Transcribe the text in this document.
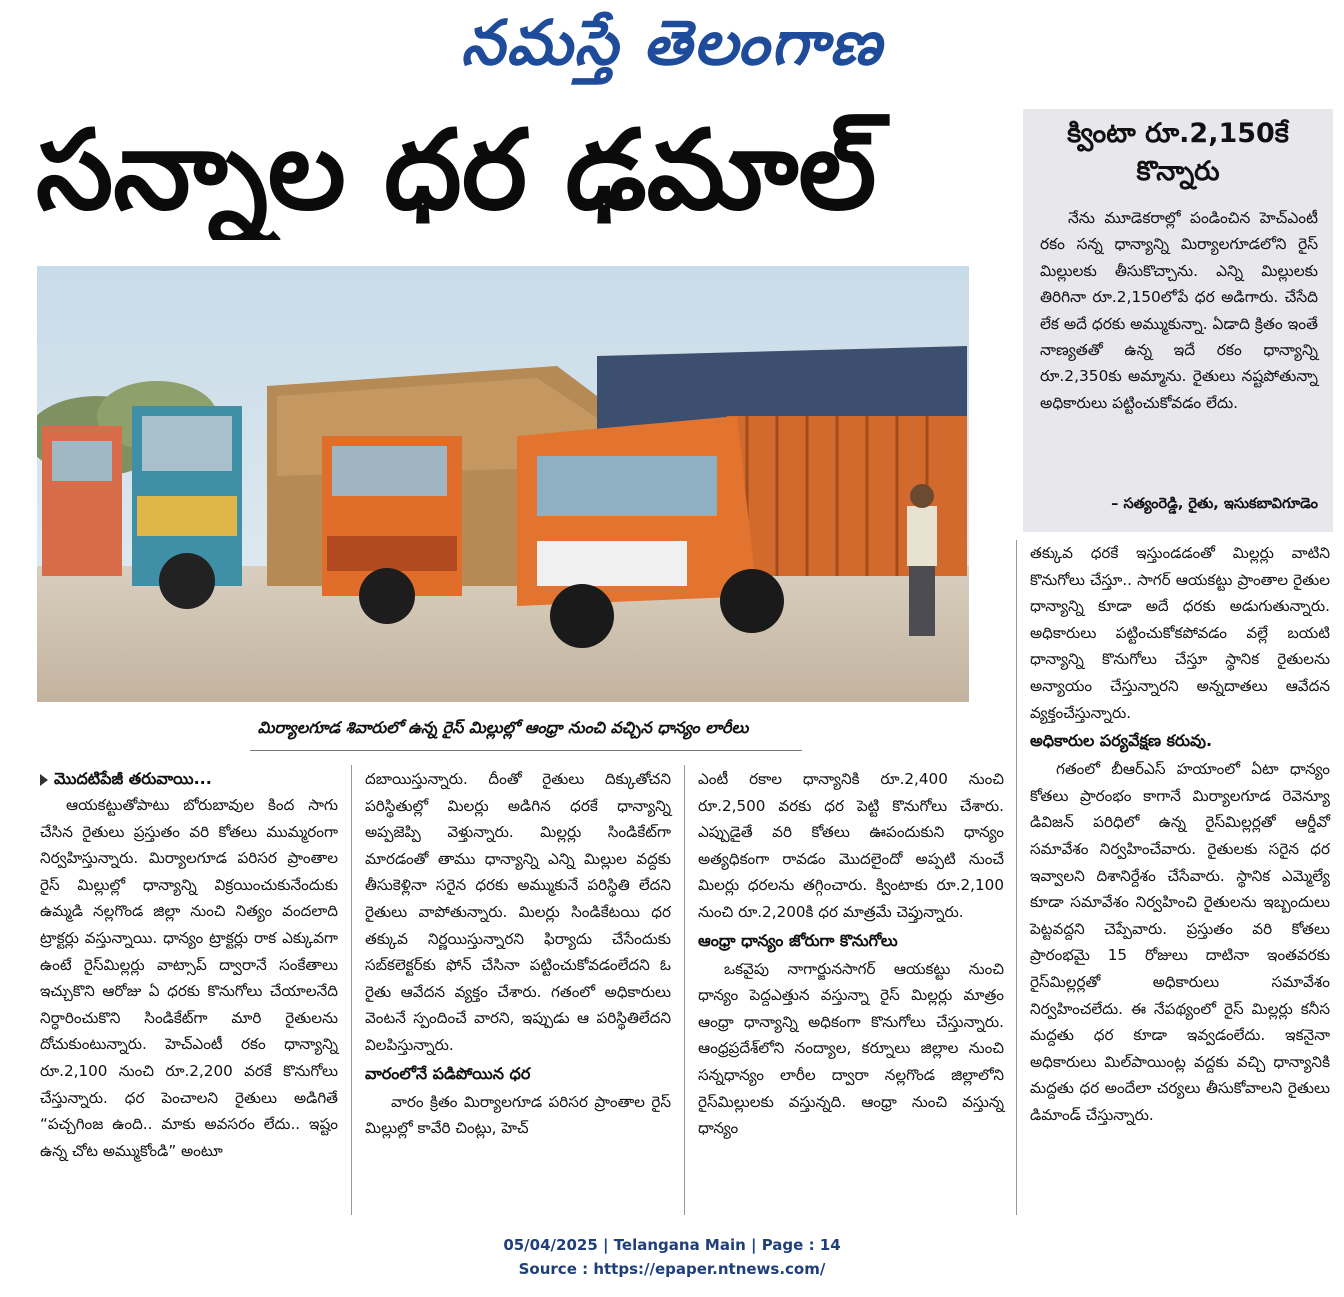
నమస్తే తెలంగాణ
సన్నాల ధర ఢమాల్
మిర్యాలగూడ శివారులో ఉన్న రైస్ మిల్లుల్లో ఆంధ్రా నుంచి వచ్చిన ధాన్యం లారీలు
క్వింటా రూ.2,150కే కొన్నారు

నేను మూడెకరాల్లో పండించిన హెచ్ఎంటీ రకం సన్న ధాన్యాన్ని మిర్యాలగూడలోని రైస్ మిల్లులకు తీసుకొచ్చాను. ఎన్ని మిల్లులకు తిరిగినా రూ.2,150లోపే ధర అడిగారు. చేసేది లేక అదే ధరకు అమ్ముకున్నా. ఏడాది క్రితం ఇంతే నాణ్యతతో ఉన్న ఇదే రకం ధాన్యాన్ని రూ.2,350కు అమ్మాను. రైతులు నష్టపోతున్నా అధికారులు పట్టించుకోవడం లేదు.

– సత్యంరెడ్డి, రైతు, ఇసుకబావిగూడెం

మొదటిపేజీ తరువాయి...

ఆయకట్టుతోపాటు బోరుబావుల కింద సాగు చేసిన రైతులు ప్రస్తుతం వరి కోతలు ముమ్మరంగా నిర్వహిస్తున్నారు. మిర్యాలగూడ పరిసర ప్రాంతాల రైస్ మిల్లుల్లో ధాన్యాన్ని విక్రయించుకునేందుకు ఉమ్మడి నల్లగొండ జిల్లా నుంచి నిత్యం వందలాది ట్రాక్టర్లు వస్తున్నాయి. ధాన్యం ట్రాక్టర్లు రాక ఎక్కువగా ఉంటే రైస్‌మిల్లర్లు వాట్సాప్ ద్వారానే సంకేతాలు ఇచ్చుకొని ఆరోజు ఏ ధరకు కొనుగోలు చేయాలనేది నిర్ధారించుకొని సిండికేట్‌గా మారి రైతులను దోచుకుంటున్నారు. హెచ్ఎంటీ రకం ధాన్యాన్ని రూ.2,100 నుంచి రూ.2,200 వరకే కొనుగోలు చేస్తున్నారు. ధర పెంచాలని రైతులు అడిగితే “పచ్చగింజ ఉంది.. మాకు అవసరం లేదు.. ఇష్టం ఉన్న చోట అమ్ముకోండి” అంటూ

దబాయిస్తున్నారు. దీంతో రైతులు దిక్కుతోచని పరిస్థితుల్లో మిలర్లు అడిగిన ధరకే ధాన్యాన్ని అప్పజెప్పి వెళ్తున్నారు. మిల్లర్లు సిండికేట్‌గా మారడంతో తాము ధాన్యాన్ని ఎన్ని మిల్లుల వద్దకు తీసుకెళ్లినా సరైన ధరకు అమ్ముకునే పరిస్థితి లేదని రైతులు వాపోతున్నారు. మిలర్లు సిండికేటయి ధర తక్కువ నిర్ణయిస్తున్నారని ఫిర్యాదు చేసేందుకు సబ్‌కలెక్టర్‌కు ఫోన్ చేసినా పట్టించుకోవడంలేదని ఓ రైతు ఆవేదన వ్యక్తం చేశారు. గతంలో అధికారులు వెంటనే స్పందించే వారని, ఇప్పుడు ఆ పరిస్థితిలేదని విలపిస్తున్నారు.

వారంలోనే పడిపోయిన ధర

వారం క్రితం మిర్యాలగూడ పరిసర ప్రాంతాల రైస్ మిల్లుల్లో కావేరి చింట్లు, హెచ్

ఎంటీ రకాల ధాన్యానికి రూ.2,400 నుంచి రూ.2,500 వరకు ధర పెట్టి కొనుగోలు చేశారు. ఎప్పుడైతే వరి కోతలు ఊపందుకుని ధాన్యం అత్యధికంగా రావడం మొదలైందో అప్పటి నుంచే మిలర్లు ధరలను తగ్గించారు. క్వింటాకు రూ.2,100 నుంచి రూ.2,200కి ధర మాత్రమే చెప్తున్నారు.

ఆంధ్రా ధాన్యం జోరుగా కొనుగోలు

ఒకవైపు నాగార్జునసాగర్ ఆయకట్టు నుంచి ధాన్యం పెద్దఎత్తున వస్తున్నా రైస్ మిల్లర్లు మాత్రం ఆంధ్రా ధాన్యాన్ని అధికంగా కొనుగోలు చేస్తున్నారు. ఆంధ్రప్రదేశ్‌లోని నంద్యాల, కర్నూలు జిల్లాల నుంచి సన్నధాన్యం లారీల ద్వారా నల్లగొండ జిల్లాలోని రైస్‌మిల్లులకు వస్తున్నది. ఆంధ్రా నుంచి వస్తున్న ధాన్యం

తక్కువ ధరకే ఇస్తుండడంతో మిల్లర్లు వాటిని కొనుగోలు చేస్తూ.. సాగర్ ఆయకట్టు ప్రాంతాల రైతుల ధాన్యాన్ని కూడా అదే ధరకు అడుగుతున్నారు. అధికారులు పట్టించుకోకపోవడం వల్లే బయటి ధాన్యాన్ని కొనుగోలు చేస్తూ స్థానిక రైతులను అన్యాయం చేస్తున్నారని అన్నదాతలు ఆవేదన వ్యక్తంచేస్తున్నారు.

అధికారుల పర్యవేక్షణ కరువు.

గతంలో బీఆర్ఎస్ హయాంలో ఏటా ధాన్యం కోతలు ప్రారంభం కాగానే మిర్యాలగూడ రెవెన్యూ డివిజన్ పరిధిలో ఉన్న రైస్‌మిల్లర్లతో ఆర్డీవో సమావేశం నిర్వహించేవారు. రైతులకు సరైన ధర ఇవ్వాలని దిశానిర్దేశం చేసేవారు. స్థానిక ఎమ్మెల్యే కూడా సమావేశం నిర్వహించి రైతులను ఇబ్బందులు పెట్టవద్దని చెప్పేవారు. ప్రస్తుతం వరి కోతలు ప్రారంభమై 15 రోజులు దాటినా ఇంతవరకు రైస్‌మిల్లర్లతో అధికారులు సమావేశం నిర్వహించలేదు. ఈ నేపథ్యంలో రైస్ మిల్లర్లు కనీస మద్దతు ధర కూడా ఇవ్వడంలేదు. ఇకనైనా అధికారులు మిల్‌పాయింట్ల వద్దకు వచ్చి ధాన్యానికి మద్దతు ధర అందేలా చర్యలు తీసుకోవాలని రైతులు డిమాండ్ చేస్తున్నారు.

05/04/2025 | Telangana Main | Page : 14
Source : https://epaper.ntnews.com/
